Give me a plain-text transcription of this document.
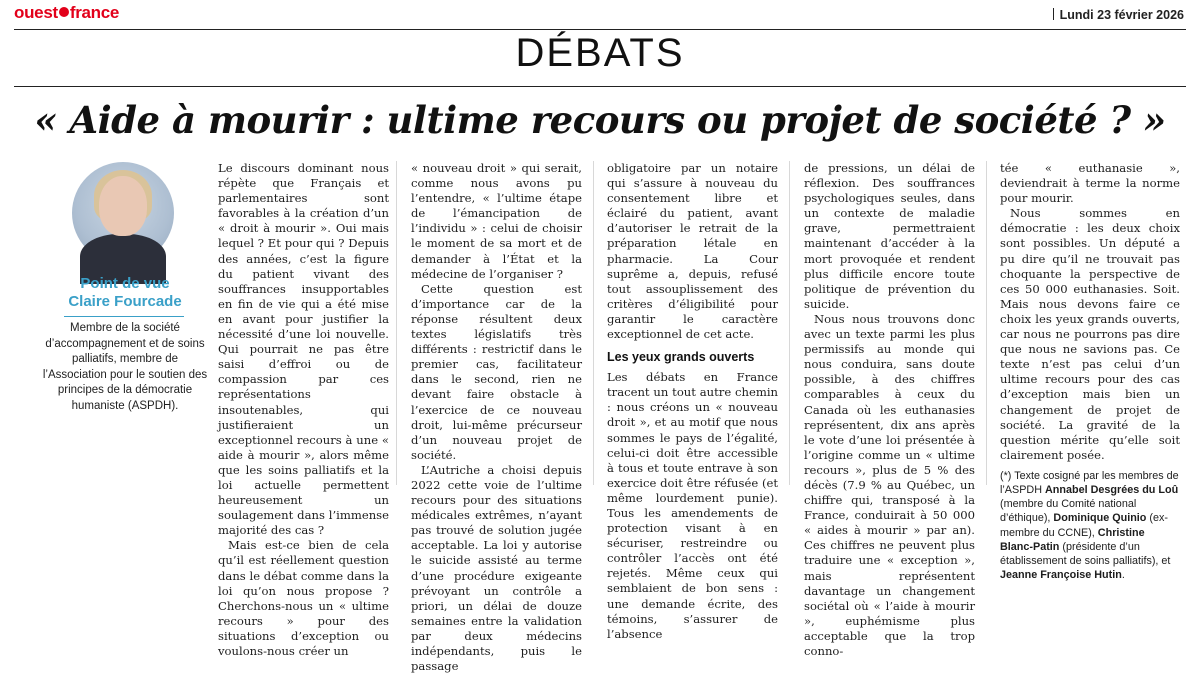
ouest france	Lundi 23 février 2026
DÉBATS
« Aide à mourir : ultime recours ou projet de société ? »
Point de vue
Claire Fourcade
Membre de la société d’accompagnement et de soins palliatifs, membre de l’Association pour le soutien des principes de la démocratie humaniste (ASPDH).

Le discours dominant nous répète que Français et parlementaires sont favorables à la création d’un « droit à mourir ». Oui mais lequel ? Et pour qui ? Depuis des années, c’est la figure du patient vivant des souffrances insupportables en fin de vie qui a été mise en avant pour justifier la nécessité d’une loi nouvelle. Qui pourrait ne pas être saisi d’effroi ou de compassion par ces représentations insoutenables, qui justifieraient un exceptionnel recours à une « aide à mourir », alors même que les soins palliatifs et la loi actuelle permettent heureusement un soulagement dans l’immense majorité des cas ?

Mais est-ce bien de cela qu’il est réellement question dans le débat comme dans la loi qu’on nous propose ? Cherchons-nous un « ultime recours » pour des situations d’exception ou voulons-nous créer un

« nouveau droit » qui serait, comme nous avons pu l’entendre, « l’ultime étape de l’émancipation de l’individu » : celui de choisir le moment de sa mort et de demander à l’État et la médecine de l’organiser ?

Cette question est d’importance car de la réponse résultent deux textes législatifs très différents : restrictif dans le premier cas, facilitateur dans le second, rien ne devant faire obstacle à l’exercice de ce nouveau droit, lui-même précurseur d’un nouveau projet de société.

L’Autriche a choisi depuis 2022 cette voie de l’ultime recours pour des situations médicales extrêmes, n’ayant pas trouvé de solution jugée acceptable. La loi y autorise le suicide assisté au terme d’une procédure exigeante prévoyant un contrôle a priori, un délai de douze semaines entre la validation par deux médecins indépendants, puis le passage

obligatoire par un notaire qui s’assure à nouveau du consentement libre et éclairé du patient, avant d’autoriser le retrait de la préparation létale en pharmacie. La Cour suprême a, depuis, refusé tout assouplissement des critères d’éligibilité pour garantir le caractère exceptionnel de cet acte.

Les yeux grands ouverts

Les débats en France tracent un tout autre chemin : nous créons un « nouveau droit », et au motif que nous sommes le pays de l’égalité, celui-ci doit être accessible à tous et toute entrave à son exercice doit être réfusée (et même lourdement punie). Tous les amendements de protection visant à en sécuriser, restreindre ou contrôler l’accès ont été rejetés. Même ceux qui semblaient de bon sens : une demande écrite, des témoins, s’assurer de l’absence

de pressions, un délai de réflexion. Des souffrances psychologiques seules, dans un contexte de maladie grave, permettraient maintenant d’accéder à la mort provoquée et rendent plus difficile encore toute politique de prévention du suicide.

Nous nous trouvons donc avec un texte parmi les plus permissifs au monde qui nous conduira, sans doute possible, à des chiffres comparables à ceux du Canada où les euthanasies représentent, dix ans après le vote d’une loi présentée à l’origine comme un « ultime recours », plus de 5 % des décès (7.9 % au Québec, un chiffre qui, transposé à la France, conduirait à 50 000 « aides à mourir » par an). Ces chiffres ne peuvent plus traduire une « exception », mais représentent davantage un changement sociétal où « l’aide à mourir », euphémisme plus acceptable que la trop conno-

tée « euthanasie », deviendrait à terme la norme pour mourir.

Nous sommes en démocratie : les deux choix sont possibles. Un député a pu dire qu’il ne trouvait pas choquante la perspective de ces 50 000 euthanasies. Soit. Mais nous devons faire ce choix les yeux grands ouverts, car nous ne pourrons pas dire que nous ne savions pas. Ce texte n’est pas celui d’un ultime recours pour des cas d’exception mais bien un changement de projet de société. La gravité de la question mérite qu’elle soit clairement posée.

(*) Texte cosigné par les membres de l’ASPDH Annabel Desgrées du Loû (membre du Comité national d’éthique), Dominique Quinio (ex-membre du CCNE), Christine Blanc-Patin (présidente d’un établissement de soins palliatifs), et Jeanne Françoise Hutin.
